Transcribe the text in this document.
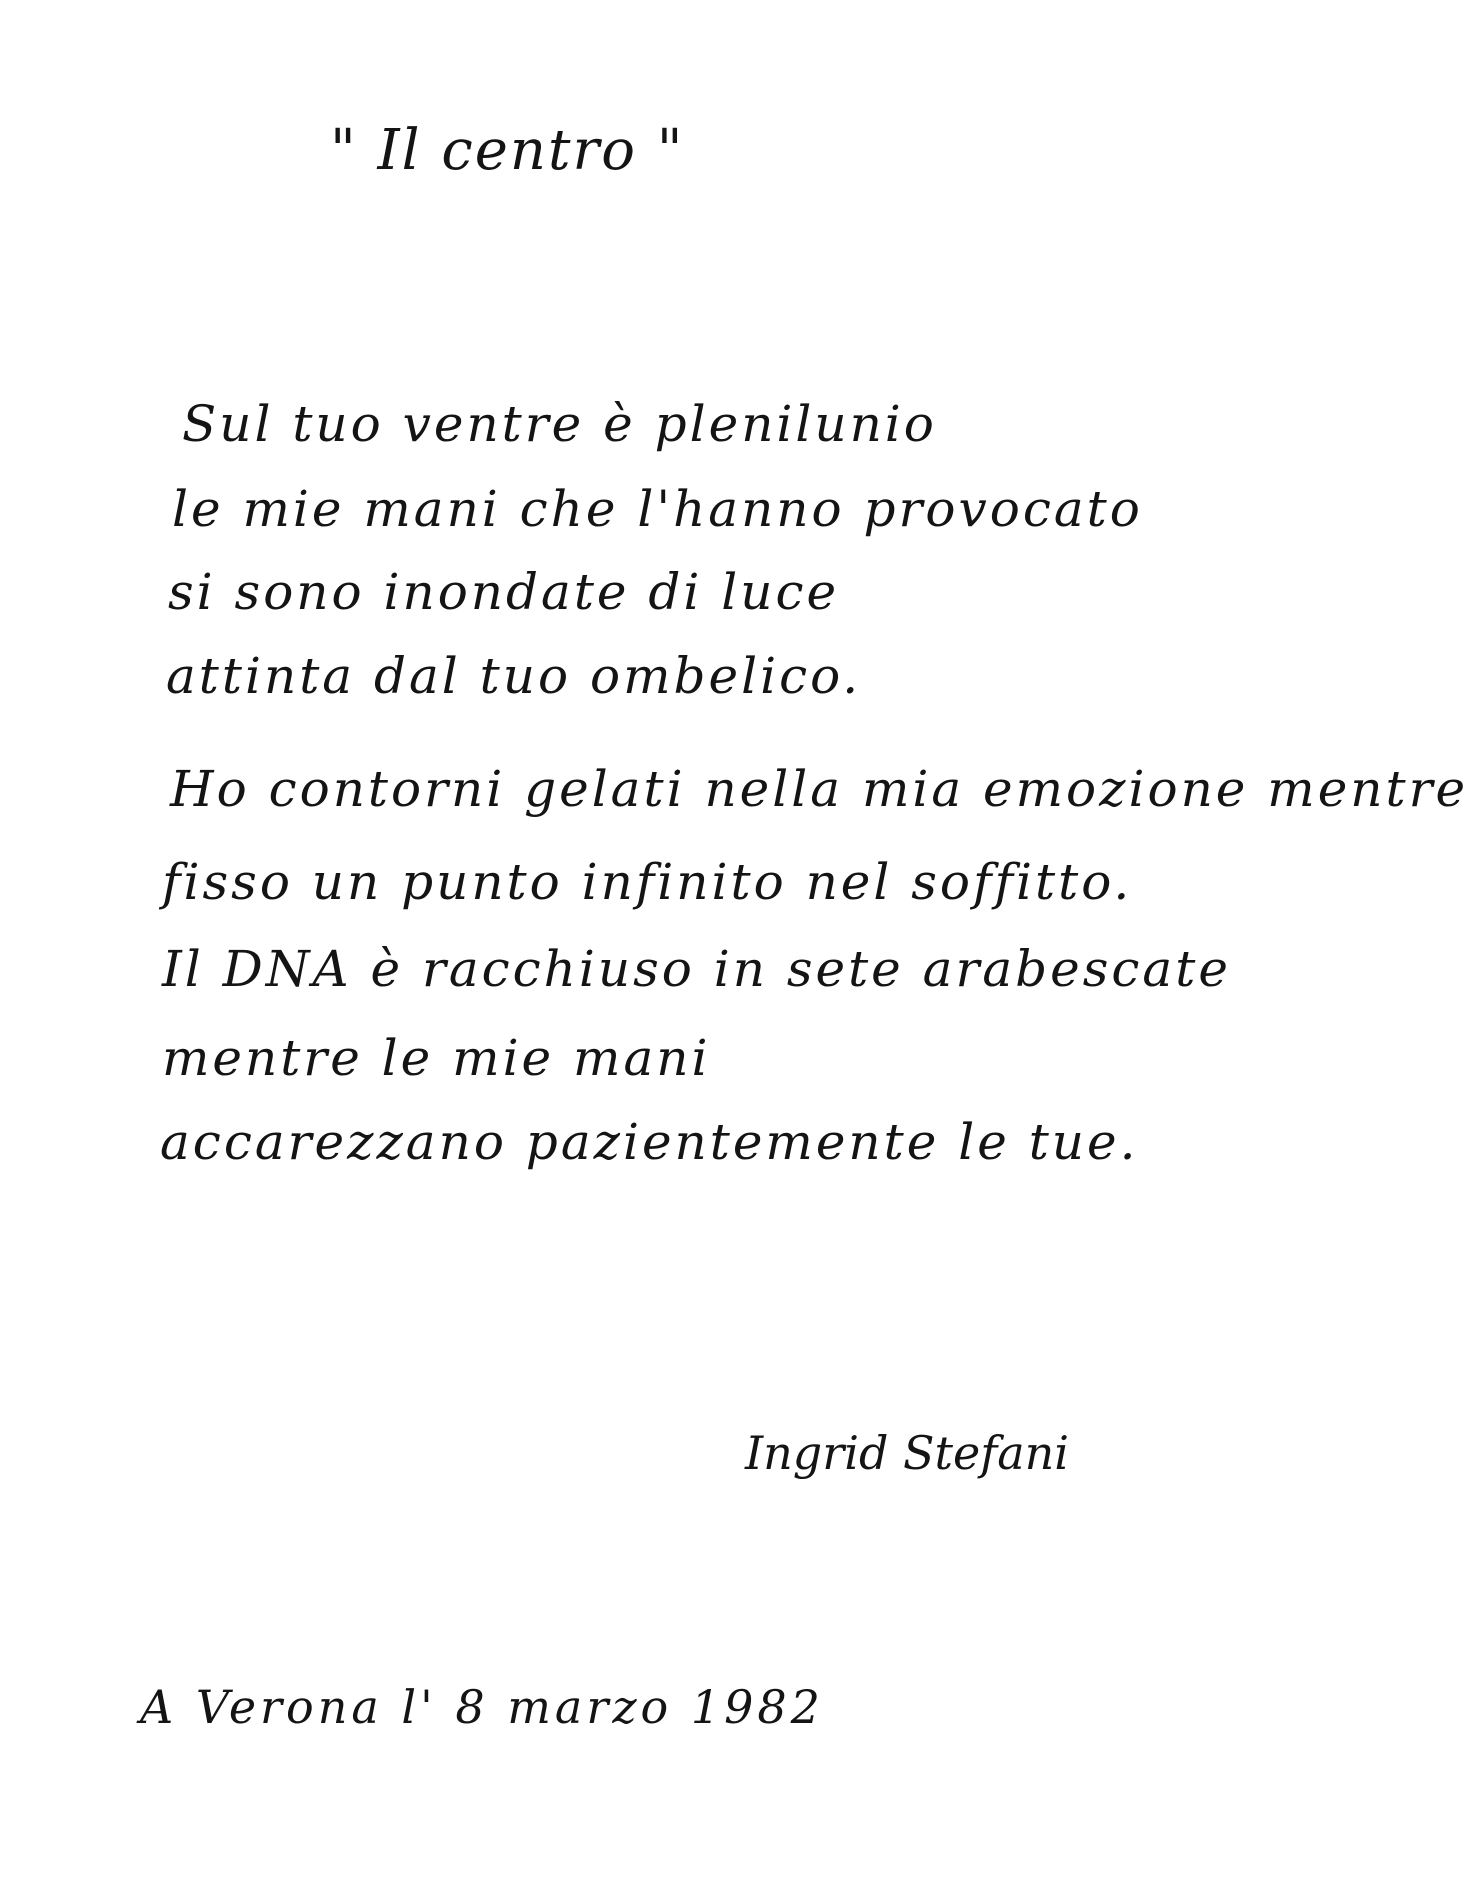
" Il centro "
Sul tuo ventre è plenilunio
le mie mani che l'hanno provocato
si sono inondate di luce
attinta dal tuo ombelico.
Ho contorni gelati nella mia emozione mentre
fisso un punto infinito nel soffitto.
Il DNA è racchiuso in sete arabescate
mentre le mie mani
accarezzano pazientemente le tue.
Ingrid Stefani
A Verona l' 8 marzo 1982
